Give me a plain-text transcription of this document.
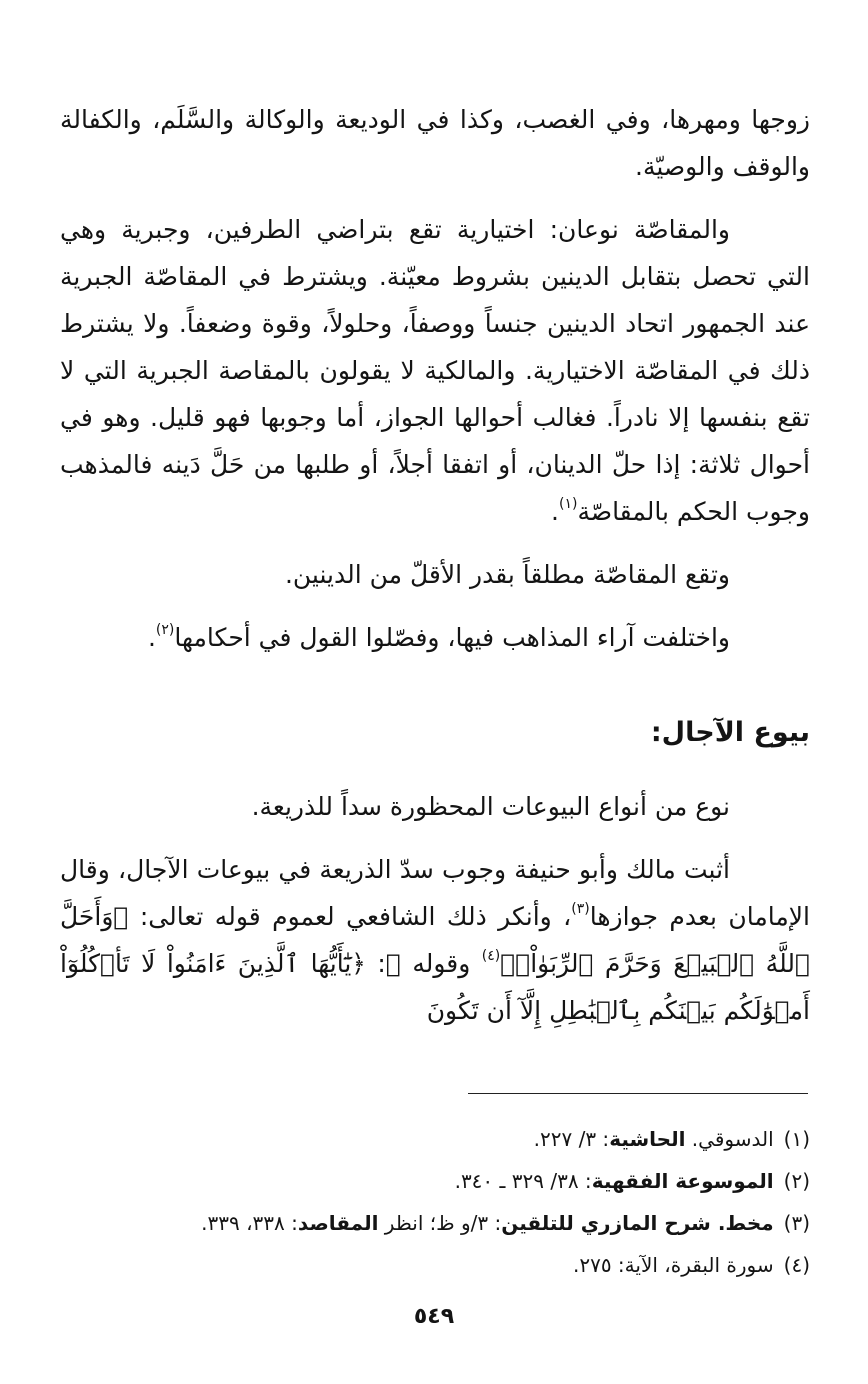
زوجها ومهرها، وفي الغصب، وكذا في الوديعة والوكالة والسَّلَم، والكفالة والوقف والوصيّة.

والمقاصّة نوعان: اختيارية تقع بتراضي الطرفين، وجبرية وهي التي تحصل بتقابل الدينين بشروط معيّنة. ويشترط في المقاصّة الجبرية عند الجمهور اتحاد الدينين جنساً ووصفاً، وحلولاً، وقوة وضعفاً. ولا يشترط ذلك في المقاصّة الاختيارية. والمالكية لا يقولون بالمقاصة الجبرية التي لا تقع بنفسها إلا نادراً. فغالب أحوالها الجواز، أما وجوبها فهو قليل. وهو في أحوال ثلاثة: إذا حلّ الدينان، أو اتفقا أجلاً، أو طلبها من حَلَّ دَينه فالمذهب وجوب الحكم بالمقاصّة$^{(١)}$.

وتقع المقاصّة مطلقاً بقدر الأقلّ من الدينين.

واختلفت آراء المذاهب فيها، وفصّلوا القول في أحكامها$^{(٢)}$.

بيوع الآجال:

نوع من أنواع البيوعات المحظورة سداً للذريعة.

أثبت مالك وأبو حنيفة وجوب سدّ الذريعة في بيوعات الآجال، وقال الإمامان بعدم جوازها$^{(٣)}$، وأنكر ذلك الشافعي لعموم قوله تعالى: ﴿وَأَحَلَّ ٱللَّهُ ٱلۡبَيۡعَ وَحَرَّمَ ٱلرِّبَوٰاْۚ﴾$^{(٤)}$ وقوله ﷻ: ﴿يَٰٓأَيُّهَا ٱلَّذِينَ ءَامَنُواْ لَا تَأۡكُلُوٓاْ أَمۡوَٰلَكُم بَيۡنَكُم بِٱلۡبَٰطِلِ إِلَّآ أَن تَكُونَ

(١)الدسوقي. الحاشية: ٣/ ٢٢٧.

(٢)الموسوعة الفقهية: ٣٨/ ٣٢٩ ـ ٣٤٠.

(٣)مخط. شرح المازري للتلقين: ٣/و ظ؛ انظر المقاصد: ٣٣٨، ٣٣٩.

(٤)سورة البقرة، الآية: ٢٧٥.

٥٤٩
